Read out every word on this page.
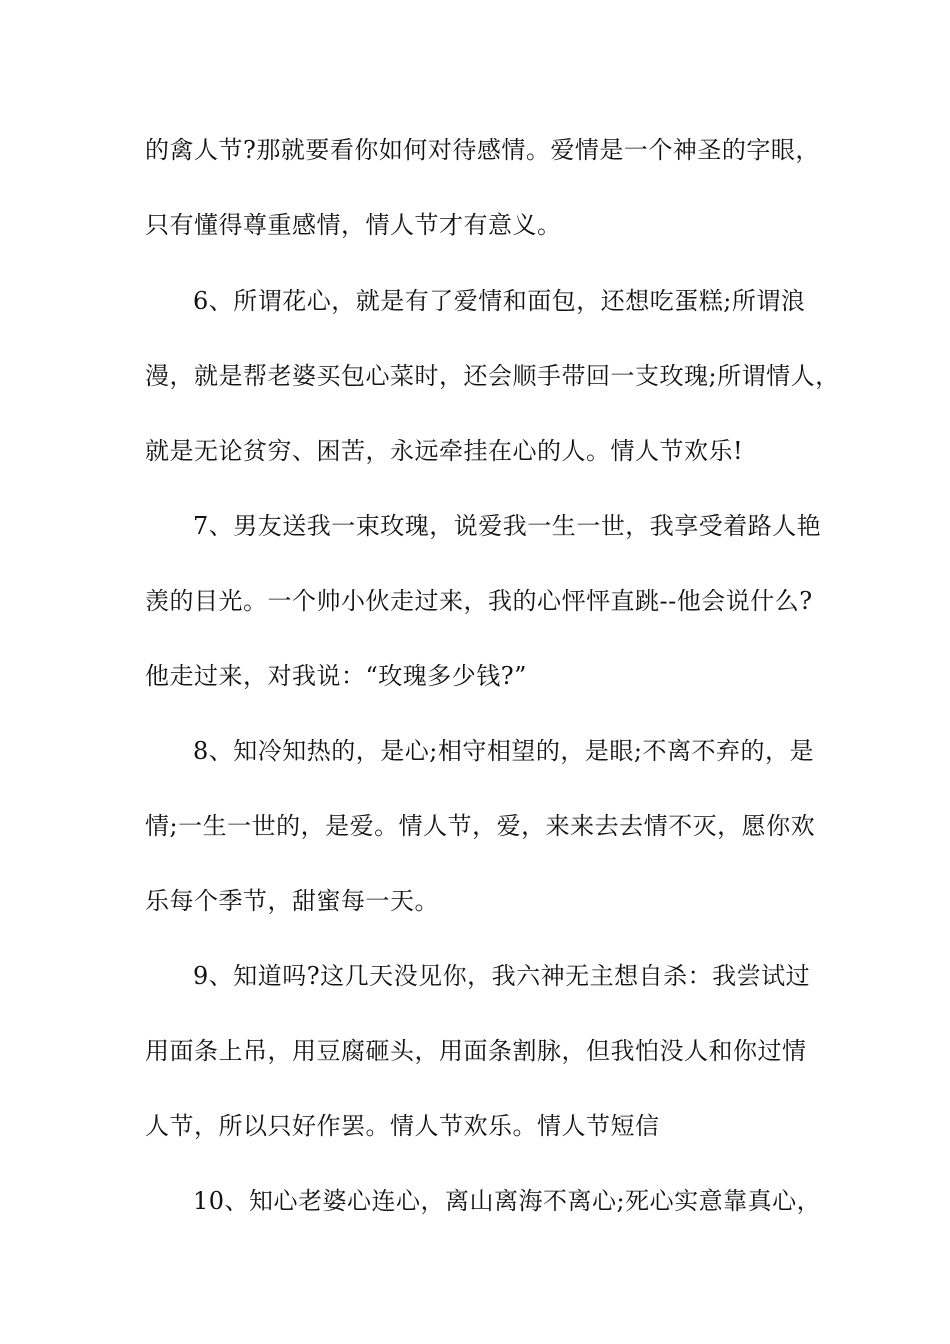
的禽人节?那就要看你如何对待感情。爱情是一个神圣的字眼，
只有懂得尊重感情，情人节才有意义。
6、所谓花心，就是有了爱情和面包，还想吃蛋糕;所谓浪
漫，就是帮老婆买包心菜时，还会顺手带回一支玫瑰;所谓情人，
就是无论贫穷、困苦，永远牵挂在心的人。情人节欢乐!
7、男友送我一束玫瑰，说爱我一生一世，我享受着路人艳
羡的目光。一个帅小伙走过来，我的心怦怦直跳--他会说什么?
他走过来，对我说：“玫瑰多少钱?”
8、知冷知热的，是心;相守相望的，是眼;不离不弃的，是
情;一生一世的，是爱。情人节，爱，来来去去情不灭，愿你欢
乐每个季节，甜蜜每一天。
9、知道吗?这几天没见你，我六神无主想自杀：我尝试过
用面条上吊，用豆腐砸头，用面条割脉，但我怕没人和你过情
人节，所以只好作罢。情人节欢乐。情人节短信
10、知心老婆心连心，离山离海不离心;死心实意靠真心，
